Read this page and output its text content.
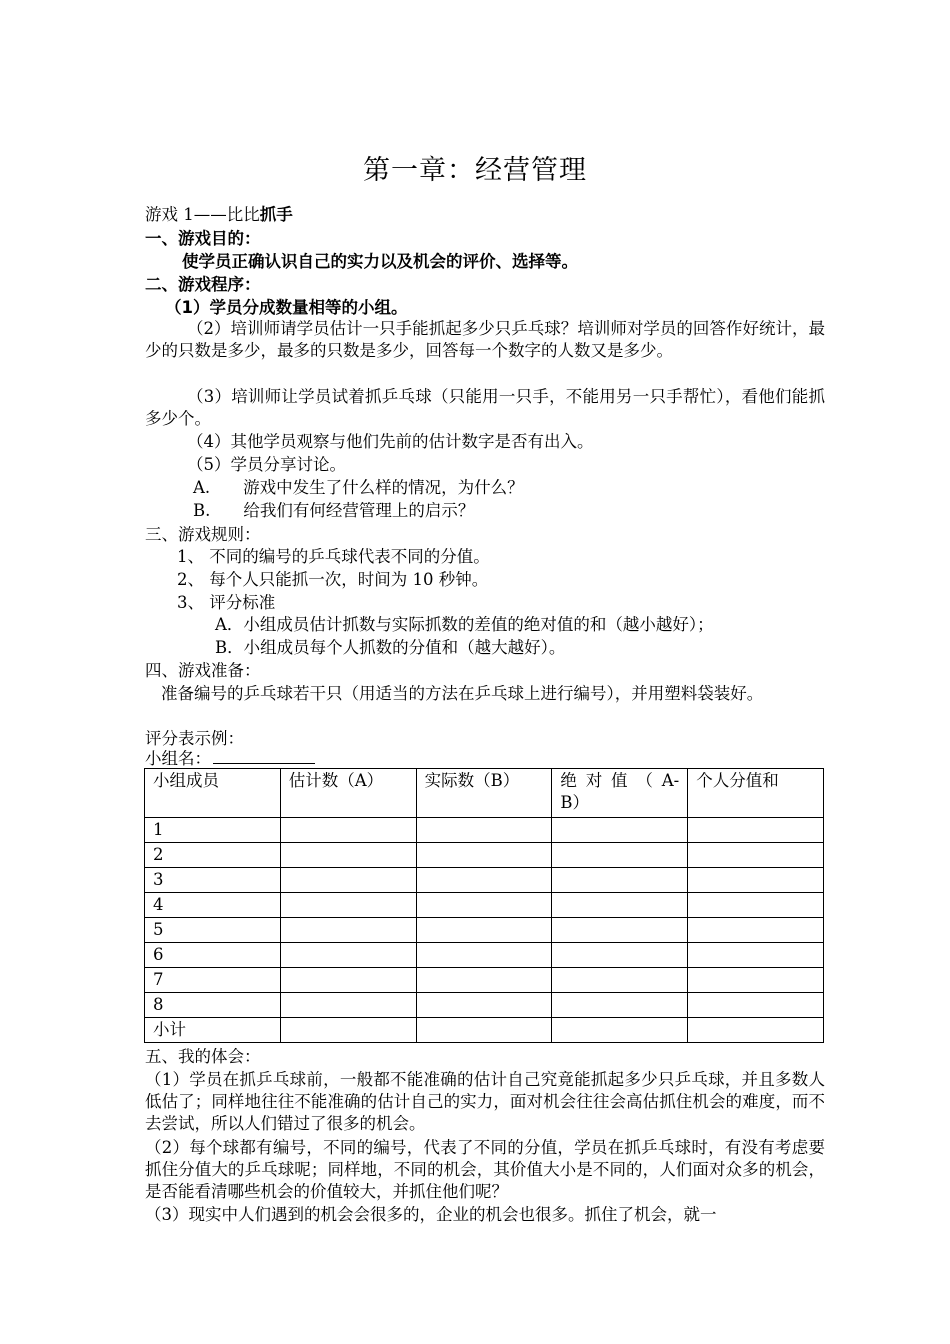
第一章：经营管理
游戏 1——比比抓手
一、游戏目的：
使学员正确认识自己的实力以及机会的评价、选择等。
二、游戏程序：
（1）学员分成数量相等的小组。
（2）培训师请学员估计一只手能抓起多少只乒乓球？培训师对学员的回答作好统计，最少的只数是多少，最多的只数是多少，回答每一个数字的人数又是多少。
（3）培训师让学员试着抓乒乓球（只能用一只手，不能用另一只手帮忙），看他们能抓多少个。
（4）其他学员观察与他们先前的估计数字是否有出入。
（5）学员分享讨论。
A.　　游戏中发生了什么样的情况，为什么？
B.　　给我们有何经营管理上的启示？
三、游戏规则：
1、 不同的编号的乒乓球代表不同的分值。
2、 每个人只能抓一次，时间为 10 秒钟。
3、 评分标准
A．小组成员估计抓数与实际抓数的差值的绝对值的和（越小越好）；
B．小组成员每个人抓数的分值和（越大越好）。
四、游戏准备：
准备编号的乒乓球若干只（用适当的方法在乒乓球上进行编号），并用塑料袋装好。
评分表示例：
小组名：
小组成员	估计数（A）	实际数（B）	绝 对 值 （ A-B）	个人分值和
1				
2				
3				
4				
5				
6				
7				
8				
小计				
五、我的体会：
（1）学员在抓乒乓球前，一般都不能准确的估计自己究竟能抓起多少只乒乓球，并且多数人低估了；同样地往往不能准确的估计自己的实力，面对机会往往会高估抓住机会的难度，而不去尝试，所以人们错过了很多的机会。
（2）每个球都有编号，不同的编号，代表了不同的分值，学员在抓乒乓球时，有没有考虑要抓住分值大的乒乓球呢；同样地，不同的机会，其价值大小是不同的，人们面对众多的机会，是否能看清哪些机会的价值较大，并抓住他们呢？
（3）现实中人们遇到的机会会很多的，企业的机会也很多。抓住了机会，就一
